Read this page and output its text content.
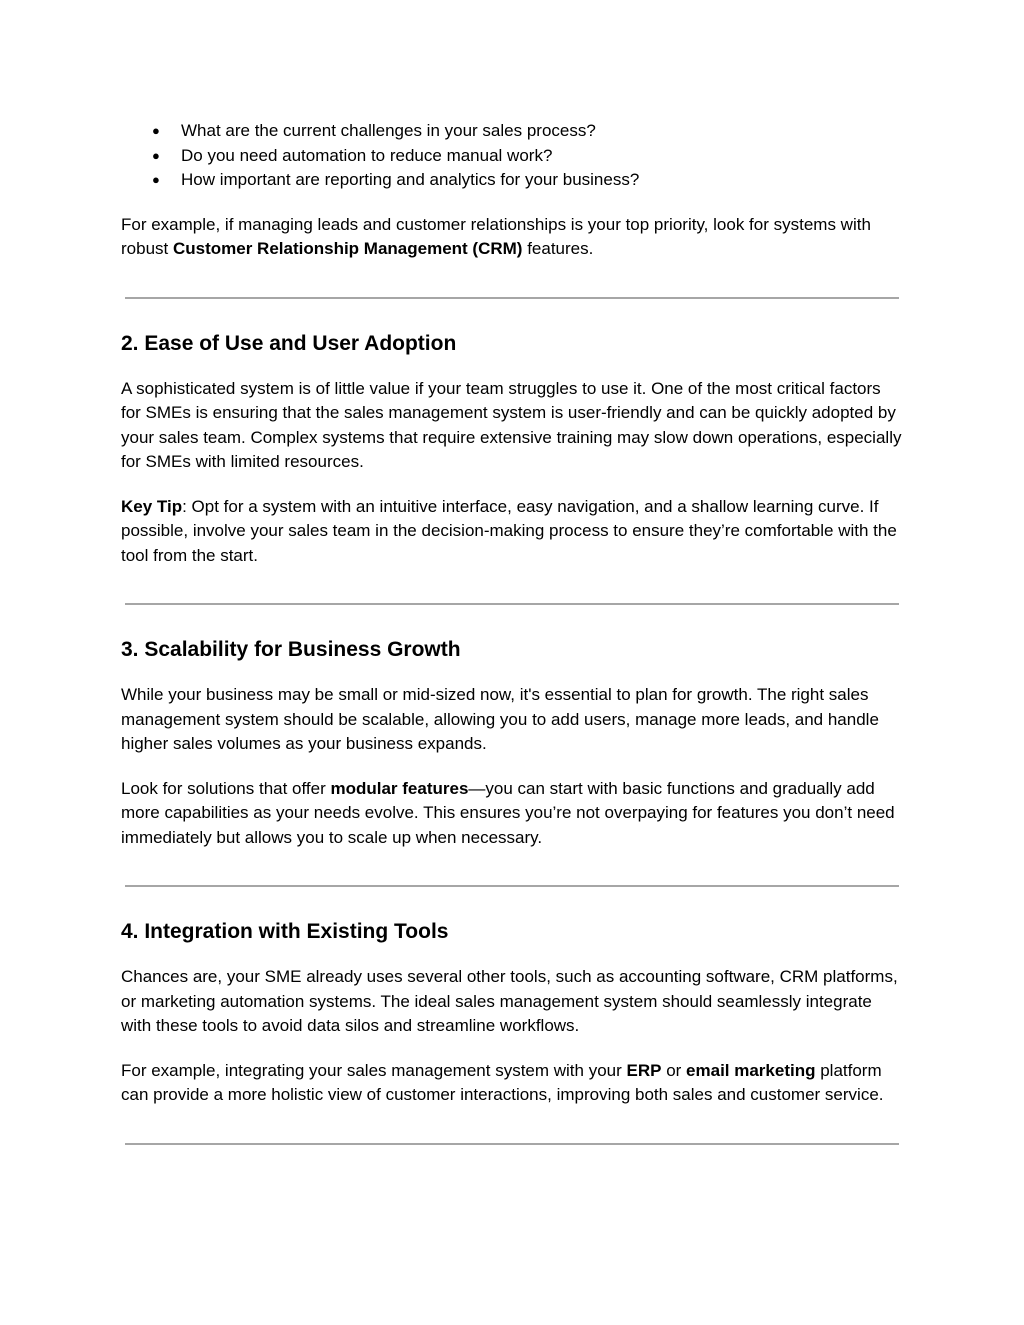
● What are the current challenges in your sales process?
● Do you need automation to reduce manual work?
● How important are reporting and analytics for your business?

For example, if managing leads and customer relationships is your top priority, look for systems with robust Customer Relationship Management (CRM) features.

2. Ease of Use and User Adoption

A sophisticated system is of little value if your team struggles to use it. One of the most critical factors for SMEs is ensuring that the sales management system is user-friendly and can be quickly adopted by your sales team. Complex systems that require extensive training may slow down operations, especially for SMEs with limited resources.

Key Tip: Opt for a system with an intuitive interface, easy navigation, and a shallow learning curve. If possible, involve your sales team in the decision-making process to ensure they’re comfortable with the tool from the start.

3. Scalability for Business Growth

While your business may be small or mid-sized now, it's essential to plan for growth. The right sales management system should be scalable, allowing you to add users, manage more leads, and handle higher sales volumes as your business expands.

Look for solutions that offer modular features—you can start with basic functions and gradually add more capabilities as your needs evolve. This ensures you’re not overpaying for features you don’t need immediately but allows you to scale up when necessary.

4. Integration with Existing Tools

Chances are, your SME already uses several other tools, such as accounting software, CRM platforms, or marketing automation systems. The ideal sales management system should seamlessly integrate with these tools to avoid data silos and streamline workflows.

For example, integrating your sales management system with your ERP or email marketing platform can provide a more holistic view of customer interactions, improving both sales and customer service.
